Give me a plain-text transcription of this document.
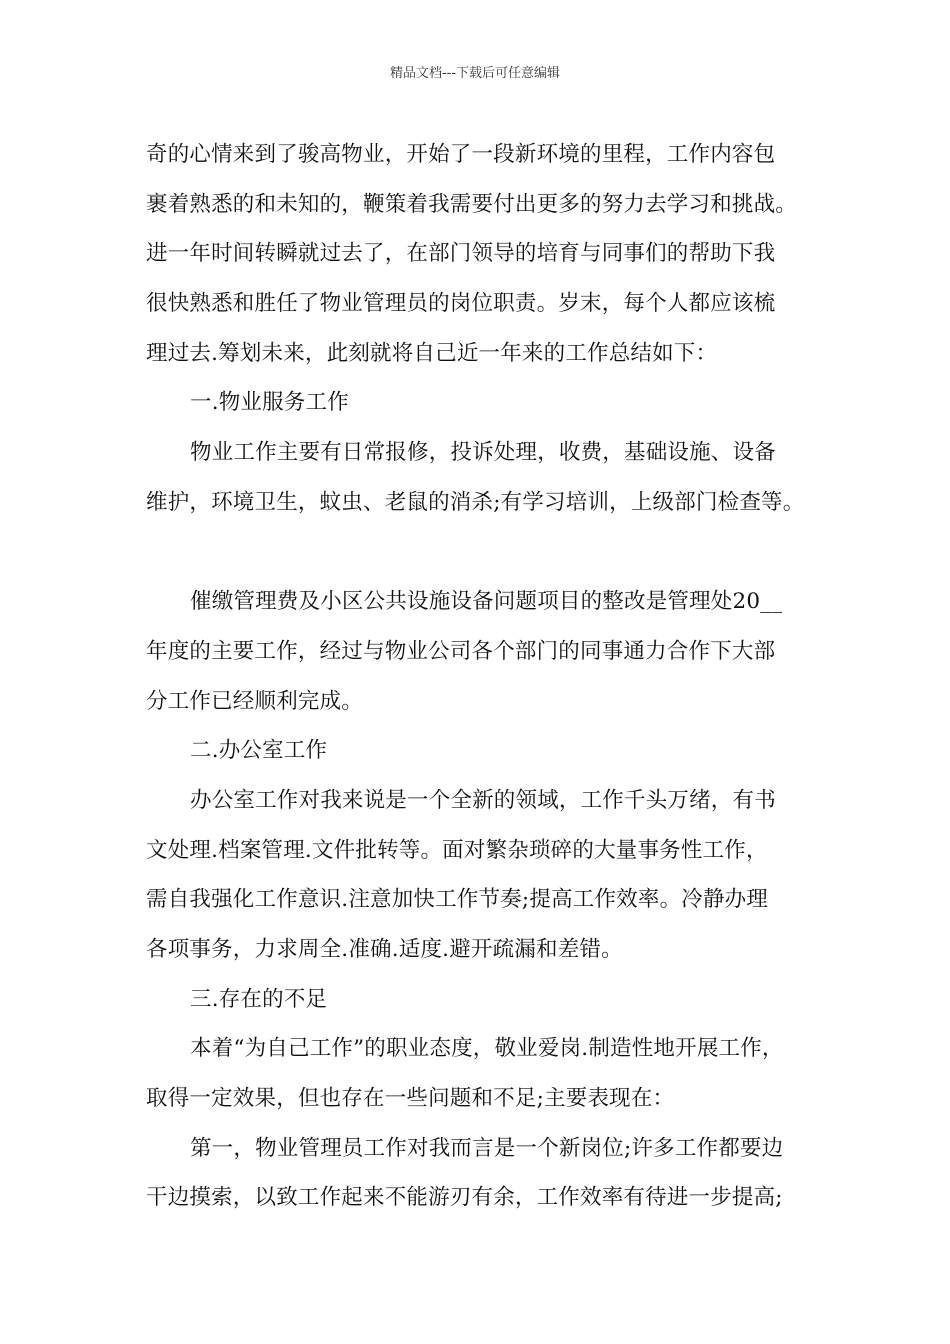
精品文档---下载后可任意编辑
奇的心情来到了骏高物业，开始了一段新环境的里程，工作内容包
裹着熟悉的和未知的，鞭策着我需要付出更多的努力去学习和挑战。
进一年时间转瞬就过去了，在部门领导的培育与同事们的帮助下我
很快熟悉和胜任了物业管理员的岗位职责。岁末，每个人都应该梳
理过去.筹划未来，此刻就将自己近一年来的工作总结如下：
一.物业服务工作
物业工作主要有日常报修，投诉处理，收费，基础设施、设备
维护，环境卫生，蚊虫、老鼠的消杀;有学习培训，上级部门检查等。
催缴管理费及小区公共设施设备问题项目的整改是管理处20__
年度的主要工作，经过与物业公司各个部门的同事通力合作下大部
分工作已经顺利完成。
二.办公室工作
办公室工作对我来说是一个全新的领域，工作千头万绪，有书
文处理.档案管理.文件批转等。面对繁杂琐碎的大量事务性工作，
需自我强化工作意识.注意加快工作节奏;提高工作效率。冷静办理
各项事务，力求周全.准确.适度.避开疏漏和差错。
三.存在的不足
本着“为自己工作”的职业态度，敬业爱岗.制造性地开展工作，
取得一定效果，但也存在一些问题和不足;主要表现在：
第一，物业管理员工作对我而言是一个新岗位;许多工作都要边
干边摸索，以致工作起来不能游刃有余，工作效率有待进一步提高;
